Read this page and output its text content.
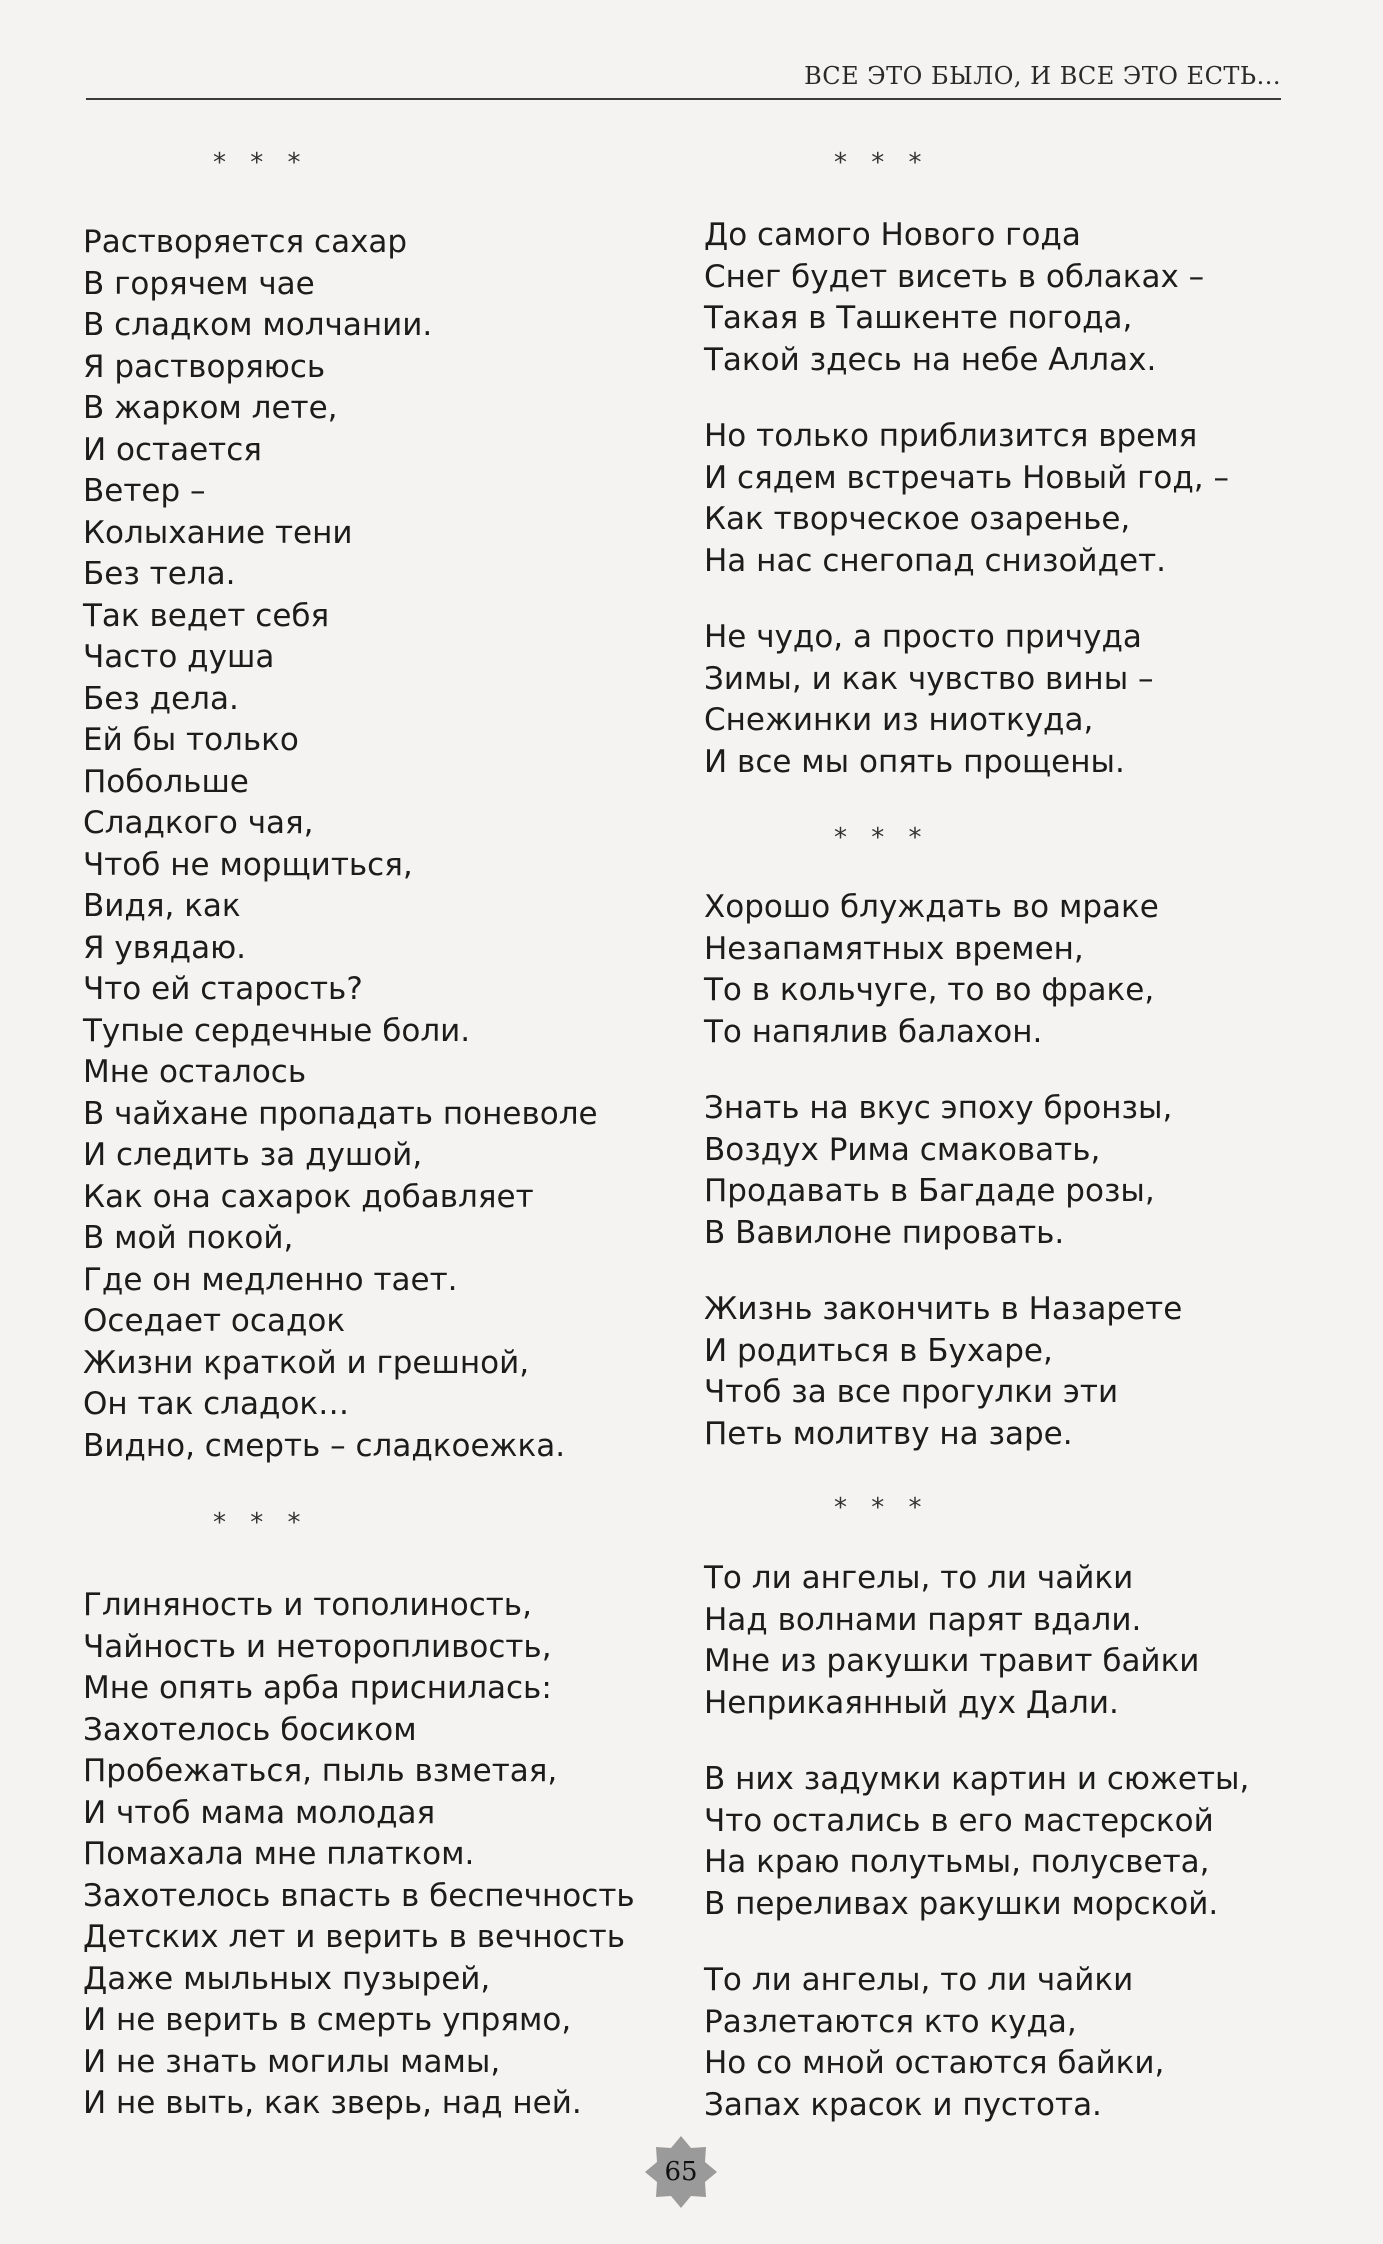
ВСЕ ЭТО БЫЛО, И ВСЕ ЭТО ЕСТЬ...
* * *
Растворяется сахар
В горячем чае
В сладком молчании.
Я растворяюсь
В жарком лете,
И остается
Ветер –
Колыхание тени
Без тела.
Так ведет себя
Часто душа
Без дела.
Ей бы только
Побольше
Сладкого чая,
Чтоб не морщиться,
Видя, как
Я увядаю.
Что ей старость?
Тупые сердечные боли.
Мне осталось
В чайхане пропадать поневоле
И следить за душой,
Как она сахарок добавляет
В мой покой,
Где он медленно тает.
Оседает осадок
Жизни краткой и грешной,
Он так сладок…
Видно, смерть – сладкоежка.
* * *
Глиняность и тополиность,
Чайность и неторопливость,
Мне опять арба приснилась:
Захотелось босиком
Пробежаться, пыль взметая,
И чтоб мама молодая
Помахала мне платком.
Захотелось впасть в беспечность
Детских лет и верить в вечность
Даже мыльных пузырей,
И не верить в смерть упрямо,
И не знать могилы мамы,
И не выть, как зверь, над ней.
* * *
До самого Нового года
Снег будет висеть в облаках –
Такая в Ташкенте погода,
Такой здесь на небе Аллах.
Но только приблизится время
И сядем встречать Новый год, –
Как творческое озаренье,
На нас снегопад снизойдет.
Не чудо, а просто причуда
Зимы, и как чувство вины –
Снежинки из ниоткуда,
И все мы опять прощены.
* * *
Хорошо блуждать во мраке
Незапамятных времен,
То в кольчуге, то во фраке,
То напялив балахон.
Знать на вкус эпоху бронзы,
Воздух Рима смаковать,
Продавать в Багдаде розы,
В Вавилоне пировать.
Жизнь закончить в Назарете
И родиться в Бухаре,
Чтоб за все прогулки эти
Петь молитву на заре.
* * *
То ли ангелы, то ли чайки
Над волнами парят вдали.
Мне из ракушки травит байки
Неприкаянный дух Дали.
В них задумки картин и сюжеты,
Что остались в его мастерской
На краю полутьмы, полусвета,
В переливах ракушки морской.
То ли ангелы, то ли чайки
Разлетаются кто куда,
Но со мной остаются байки,
Запах красок и пустота.
65
